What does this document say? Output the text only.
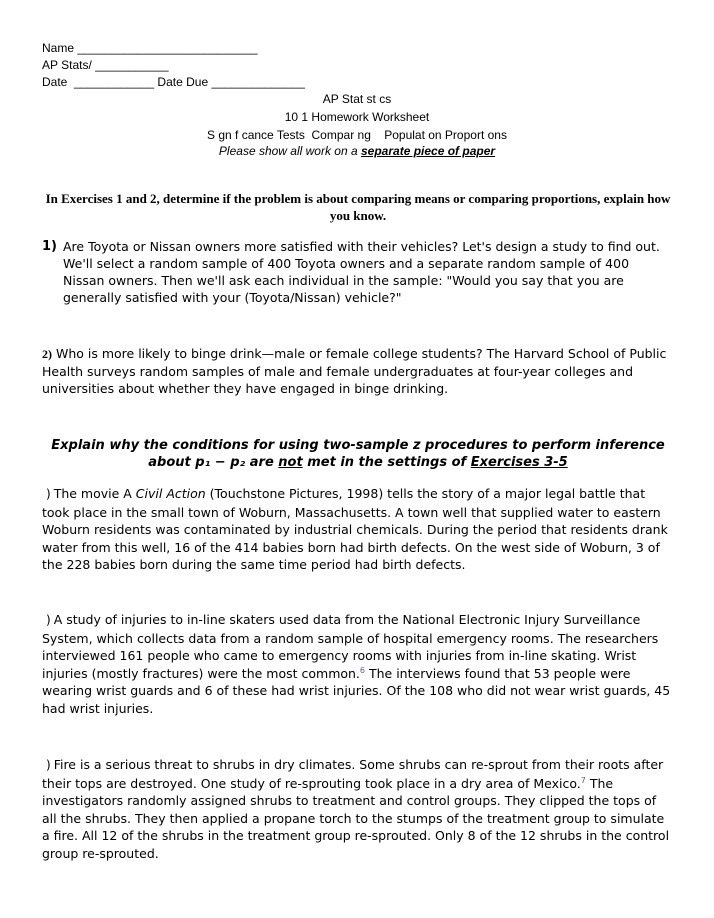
Name ___________________________
AP Stats/ ___________
Date  ____________ Date Due ______________
AP Stat st cs
10 1 Homework Worksheet
S gn f cance Tests  Compar ng    Populat on Proport ons
Please show all work on a separate piece of paper
In Exercises 1 and 2, determine if the problem is about comparing means or comparing proportions, explain how you know.
1) Are Toyota or Nissan owners more satisfied with their vehicles? Let's design a study to find out. We'll select a random sample of 400 Toyota owners and a separate random sample of 400 Nissan owners. Then we'll ask each individual in the sample: "Would you say that you are generally satisfied with your (Toyota/Nissan) vehicle?"
2) Who is more likely to binge drink—male or female college students? The Harvard School of Public Health surveys random samples of male and female undergraduates at four-year colleges and universities about whether they have engaged in binge drinking.
Explain why the conditions for using two-sample z procedures to perform inference about p₁ − p₂ are not met in the settings of Exercises 3-5
) The movie A Civil Action (Touchstone Pictures, 1998) tells the story of a major legal battle that took place in the small town of Woburn, Massachusetts. A town well that supplied water to eastern Woburn residents was contaminated by industrial chemicals. During the period that residents drank water from this well, 16 of the 414 babies born had birth defects. On the west side of Woburn, 3 of the 228 babies born during the same time period had birth defects.
) A study of injuries to in-line skaters used data from the National Electronic Injury Surveillance System, which collects data from a random sample of hospital emergency rooms. The researchers interviewed 161 people who came to emergency rooms with injuries from in-line skating. Wrist injuries (mostly fractures) were the most common.$^6$ The interviews found that 53 people were wearing wrist guards and 6 of these had wrist injuries. Of the 108 who did not wear wrist guards, 45 had wrist injuries.
) Fire is a serious threat to shrubs in dry climates. Some shrubs can re-sprout from their roots after their tops are destroyed. One study of re-sprouting took place in a dry area of Mexico.$^7$ The investigators randomly assigned shrubs to treatment and control groups. They clipped the tops of all the shrubs. They then applied a propane torch to the stumps of the treatment group to simulate a fire. All 12 of the shrubs in the treatment group re-sprouted. Only 8 of the 12 shrubs in the control group re-sprouted.
